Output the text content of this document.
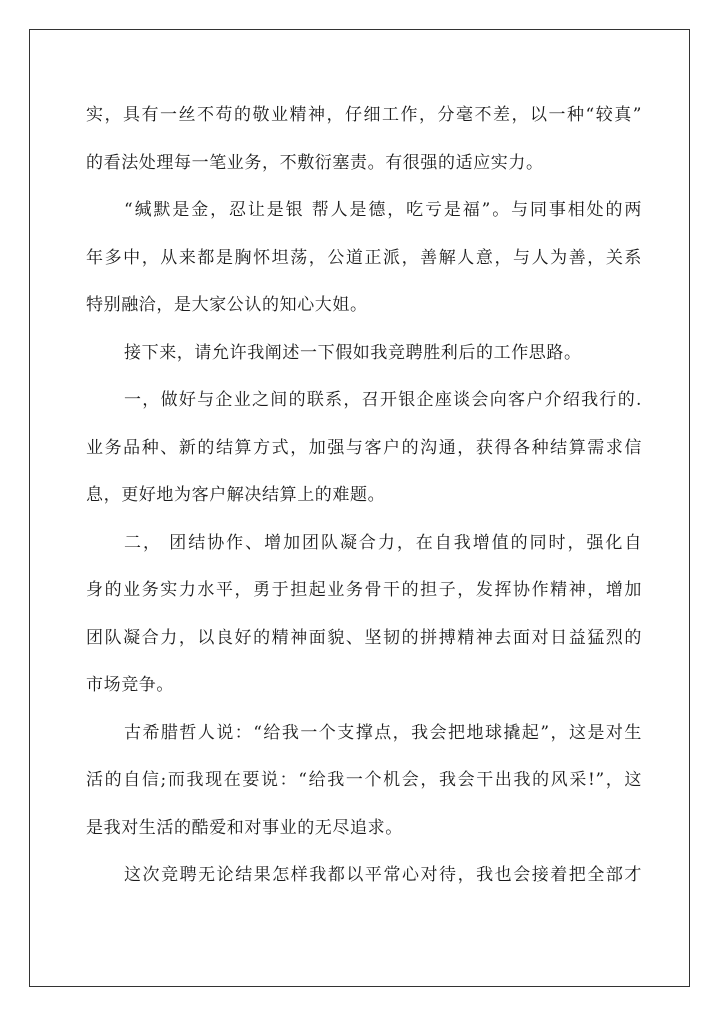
实，具有一丝不苟的敬业精神，仔细工作，分毫不差，以一种“较真”
的看法处理每一笔业务，不敷衍塞责。有很强的适应实力。
“缄默是金，忍让是银 帮人是德，吃亏是福”。与同事相处的两
年多中，从来都是胸怀坦荡，公道正派，善解人意，与人为善，关系
特别融洽，是大家公认的知心大姐。
接下来，请允许我阐述一下假如我竞聘胜利后的工作思路。
一，做好与企业之间的联系，召开银企座谈会向客户介绍我行的.
业务品种、新的结算方式，加强与客户的沟通，获得各种结算需求信
息，更好地为客户解决结算上的难题。
二， 团结协作、增加团队凝合力，在自我增值的同时，强化自
身的业务实力水平，勇于担起业务骨干的担子，发挥协作精神，增加
团队凝合力，以良好的精神面貌、坚韧的拼搏精神去面对日益猛烈的
市场竞争。
古希腊哲人说：“给我一个支撑点，我会把地球撬起”，这是对生
活的自信;而我现在要说：“给我一个机会，我会干出我的风采!”，这
是我对生活的酷爱和对事业的无尽追求。
这次竞聘无论结果怎样我都以平常心对待，我也会接着把全部才
